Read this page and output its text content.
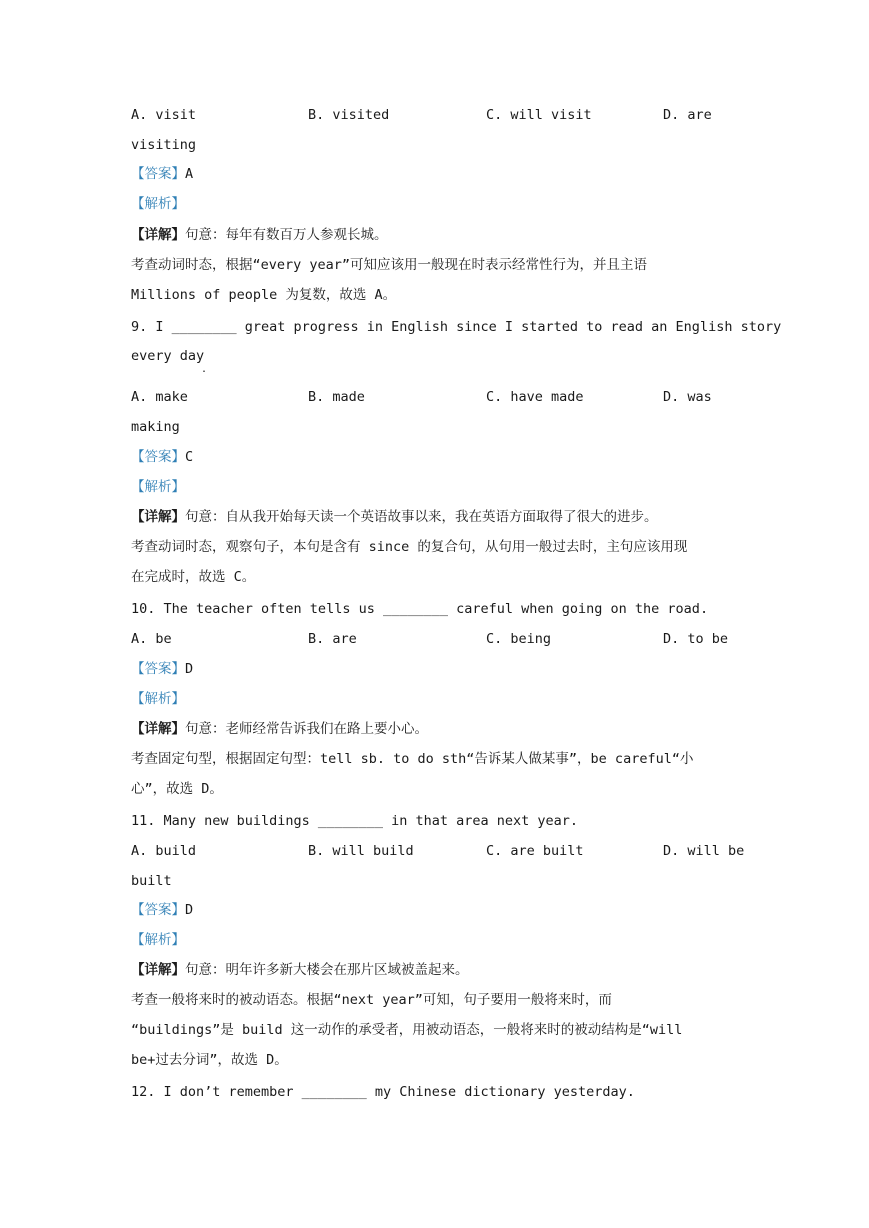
A. visit	B. visited	C. will visit	D. are
visiting
【答案】A
【解析】
【详解】句意：每年有数百万人参观长城。
考查动词时态，根据“every year”可知应该用一般现在时表示经常性行为，并且主语
Millions of people 为复数，故选 A。
9. I ________ great progress in English since I started to read an English story
every day
.
A. make	B. made	C. have made	D. was
making
【答案】C
【解析】
【详解】句意：自从我开始每天读一个英语故事以来，我在英语方面取得了很大的进步。
考查动词时态，观察句子，本句是含有 since 的复合句，从句用一般过去时，主句应该用现
在完成时，故选 C。
10. The teacher often tells us ________ careful when going on the road.
A. be	B. are	C. being	D. to be
【答案】D
【解析】
【详解】句意：老师经常告诉我们在路上要小心。
考查固定句型，根据固定句型：tell sb. to do sth“告诉某人做某事”，be careful“小
心”，故选 D。
11. Many new buildings ________ in that area next year.
A. build	B. will build	C. are built	D. will be
built
【答案】D
【解析】
【详解】句意：明年许多新大楼会在那片区域被盖起来。
考查一般将来时的被动语态。根据“next year”可知，句子要用一般将来时，而
“buildings”是 build 这一动作的承受者，用被动语态，一般将来时的被动结构是“will
be+过去分词”，故选 D。
12. I don’t remember ________ my Chinese dictionary yesterday.
